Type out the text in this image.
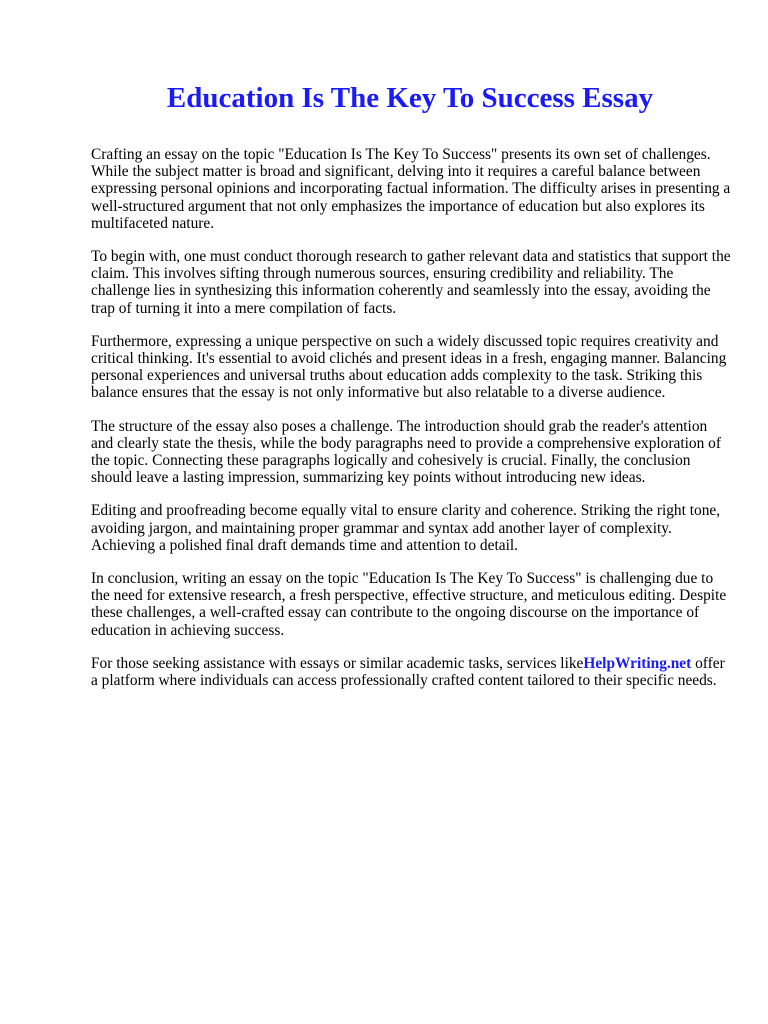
Education Is The Key To Success Essay

Crafting an essay on the topic "Education Is The Key To Success" presents its own set of challenges. While the subject matter is broad and significant, delving into it requires a careful balance between expressing personal opinions and incorporating factual information. The difficulty arises in presenting a well-structured argument that not only emphasizes the importance of education but also explores its multifaceted nature.

To begin with, one must conduct thorough research to gather relevant data and statistics that support the claim. This involves sifting through numerous sources, ensuring credibility and reliability. The challenge lies in synthesizing this information coherently and seamlessly into the essay, avoiding the trap of turning it into a mere compilation of facts.

Furthermore, expressing a unique perspective on such a widely discussed topic requires creativity and critical thinking. It's essential to avoid clichés and present ideas in a fresh, engaging manner. Balancing personal experiences and universal truths about education adds complexity to the task. Striking this balance ensures that the essay is not only informative but also relatable to a diverse audience.

The structure of the essay also poses a challenge. The introduction should grab the reader's attention and clearly state the thesis, while the body paragraphs need to provide a comprehensive exploration of the topic. Connecting these paragraphs logically and cohesively is crucial. Finally, the conclusion should leave a lasting impression, summarizing key points without introducing new ideas.

Editing and proofreading become equally vital to ensure clarity and coherence. Striking the right tone, avoiding jargon, and maintaining proper grammar and syntax add another layer of complexity. Achieving a polished final draft demands time and attention to detail.

In conclusion, writing an essay on the topic "Education Is The Key To Success" is challenging due to the need for extensive research, a fresh perspective, effective structure, and meticulous editing. Despite these challenges, a well-crafted essay can contribute to the ongoing discourse on the importance of education in achieving success.

For those seeking assistance with essays or similar academic tasks, services likeHelpWriting.net offer a platform where individuals can access professionally crafted content tailored to their specific needs.
